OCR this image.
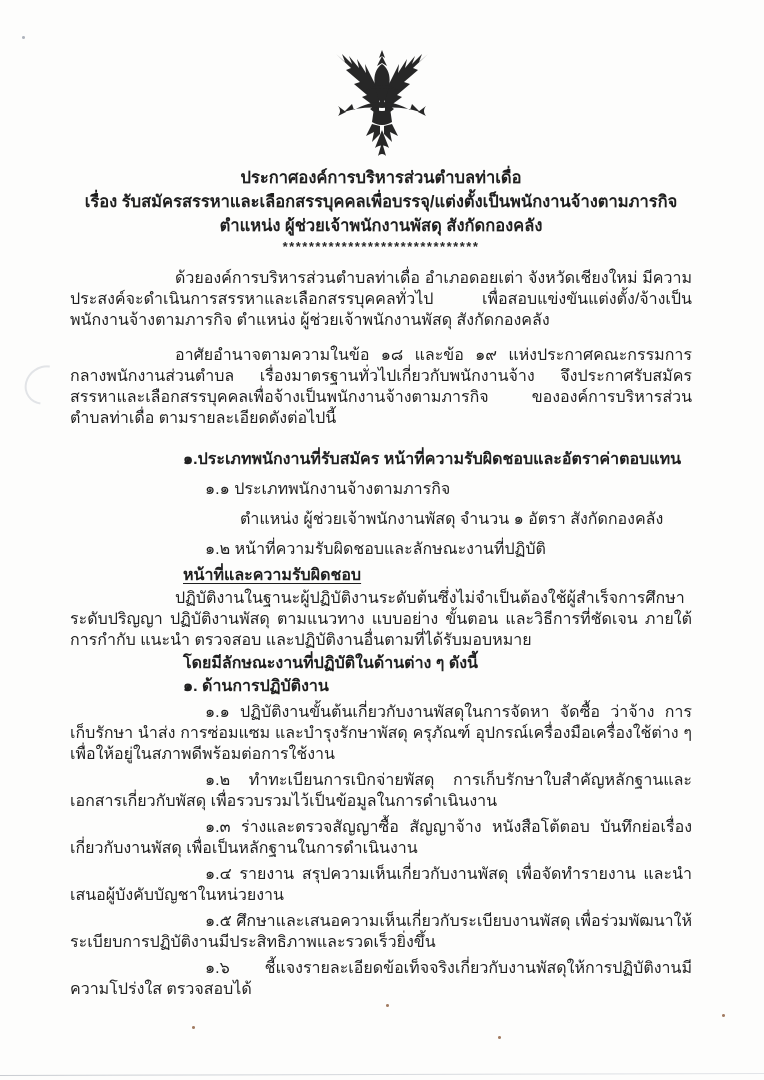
ประกาศองค์การบริหารส่วนตำบลท่าเดื่อ
เรื่อง รับสมัครสรรหาและเลือกสรรบุคคลเพื่อบรรจุ/แต่งตั้งเป็นพนักงานจ้างตามภารกิจ
ตำแหน่ง ผู้ช่วยเจ้าพนักงานพัสดุ สังกัดกองคลัง
******************************

ด้วยองค์การบริหารส่วนตำบลท่าเดื่อ อำเภอดอยเต่า จังหวัดเชียงใหม่ มีความประสงค์จะดำเนินการสรรหาและเลือกสรรบุคคลทั่วไป เพื่อสอบแข่งขันแต่งตั้ง/จ้างเป็นพนักงานจ้างตามภารกิจ ตำแหน่ง ผู้ช่วยเจ้าพนักงานพัสดุ สังกัดกองคลัง

อาศัยอำนาจตามความในข้อ ๑๘ และข้อ ๑๙ แห่งประกาศคณะกรรมการกลางพนักงานส่วนตำบล เรื่องมาตรฐานทั่วไปเกี่ยวกับพนักงานจ้าง จึงประกาศรับสมัครสรรหาและเลือกสรรบุคคลเพื่อจ้างเป็นพนักงานจ้างตามภารกิจ ขององค์การบริหารส่วนตำบลท่าเดื่อ ตามรายละเอียดดังต่อไปนี้

๑.ประเภทพนักงานที่รับสมัคร หน้าที่ความรับผิดชอบและอัตราค่าตอบแทน

๑.๑ ประเภทพนักงานจ้างตามภารกิจ

ตำแหน่ง ผู้ช่วยเจ้าพนักงานพัสดุ จำนวน ๑ อัตรา สังกัดกองคลัง

๑.๒ หน้าที่ความรับผิดชอบและลักษณะงานที่ปฏิบัติ

หน้าที่และความรับผิดชอบ

ปฏิบัติงานในฐานะผู้ปฏิบัติงานระดับต้นซึ่งไม่จำเป็นต้องใช้ผู้สำเร็จการศึกษาระดับปริญญา ปฏิบัติงานพัสดุ ตามแนวทาง แบบอย่าง ขั้นตอน และวิธีการที่ชัดเจน ภายใต้การกำกับ แนะนำ ตรวจสอบ และปฏิบัติงานอื่นตามที่ได้รับมอบหมาย

โดยมีลักษณะงานที่ปฏิบัติในด้านต่าง ๆ ดังนี้

๑. ด้านการปฏิบัติงาน

๑.๑ ปฏิบัติงานขั้นต้นเกี่ยวกับงานพัสดุในการจัดหา จัดซื้อ ว่าจ้าง การเก็บรักษา นำส่ง การซ่อมแซม และบำรุงรักษาพัสดุ ครุภัณฑ์ อุปกรณ์เครื่องมือเครื่องใช้ต่าง ๆ เพื่อให้อยู่ในสภาพดีพร้อมต่อการใช้งาน

๑.๒ ทำทะเบียนการเบิกจ่ายพัสดุ การเก็บรักษาใบสำคัญหลักฐานและเอกสารเกี่ยวกับพัสดุ เพื่อรวบรวมไว้เป็นข้อมูลในการดำเนินงาน

๑.๓ ร่างและตรวจสัญญาซื้อ สัญญาจ้าง หนังสือโต้ตอบ บันทึกย่อเรื่องเกี่ยวกับงานพัสดุ เพื่อเป็นหลักฐานในการดำเนินงาน

๑.๔ รายงาน สรุปความเห็นเกี่ยวกับงานพัสดุ เพื่อจัดทำรายงาน และนำเสนอผู้บังคับบัญชาในหน่วยงาน

๑.๕ ศึกษาและเสนอความเห็นเกี่ยวกับระเบียบงานพัสดุ เพื่อร่วมพัฒนาให้ระเบียบการปฏิบัติงานมีประสิทธิภาพและรวดเร็วยิ่งขึ้น

๑.๖ ชี้แจงรายละเอียดข้อเท็จจริงเกี่ยวกับงานพัสดุให้การปฏิบัติงานมีความโปร่งใส ตรวจสอบได้
